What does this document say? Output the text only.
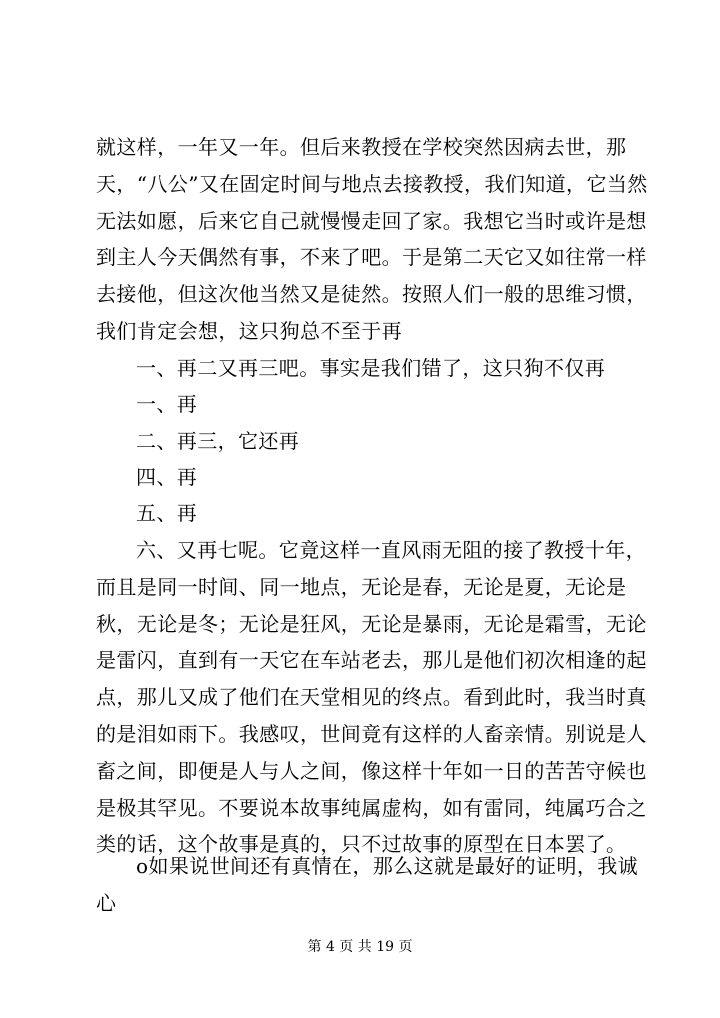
就这样，一年又一年。但后来教授在学校突然因病去世，那天，“八公”又在固定时间与地点去接教授，我们知道，它当然无法如愿，后来它自己就慢慢走回了家。我想它当时或许是想到主人今天偶然有事，不来了吧。于是第二天它又如往常一样去接他，但这次他当然又是徒然。按照人们一般的思维习惯，我们肯定会想，这只狗总不至于再

一、再二又再三吧。事实是我们错了，这只狗不仅再

一、再

二、再三，它还再

四、再

五、再

六、又再七呢。它竟这样一直风雨无阻的接了教授十年，而且是同一时间、同一地点，无论是春，无论是夏，无论是秋，无论是冬；无论是狂风，无论是暴雨，无论是霜雪，无论是雷闪，直到有一天它在车站老去，那儿是他们初次相逢的起点，那儿又成了他们在天堂相见的终点。看到此时，我当时真的是泪如雨下。我感叹，世间竟有这样的人畜亲情。别说是人畜之间，即便是人与人之间，像这样十年如一日的苦苦守候也是极其罕见。不要说本故事纯属虚构，如有雷同，纯属巧合之类的话，这个故事是真的，只不过故事的原型在日本罢了。

o如果说世间还有真情在，那么这就是最好的证明，我诚心

第 4 页 共 19 页
